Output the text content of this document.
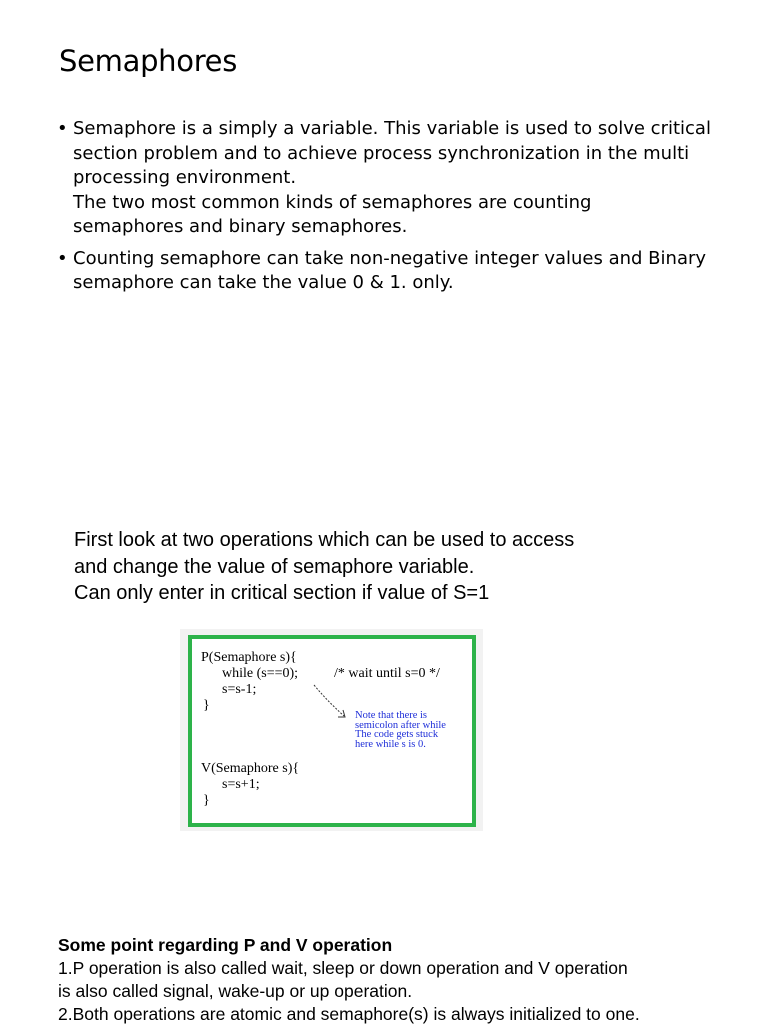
Semaphores
• Semaphore is a simply a variable. This variable is used to solve critical
section problem and to achieve process synchronization in the multi
processing environment.
The two most common kinds of semaphores are counting
semaphores and binary semaphores.
• Counting semaphore can take non-negative integer values and Binary
semaphore can take the value 0 & 1. only.
First look at two operations which can be used to access
and change the value of semaphore variable.
Can only enter in critical section if value of S=1
P(Semaphore s){
while (s==0);	/* wait until s=0 */
s=s-1;
}
Note that there is
semicolon after while
The code gets stuck
here while s is 0.
V(Semaphore s){
s=s+1;
}
Some point regarding P and V operation
1.P operation is also called wait, sleep or down operation and V operation
is also called signal, wake-up or up operation.
2.Both operations are atomic and semaphore(s) is always initialized to one.
